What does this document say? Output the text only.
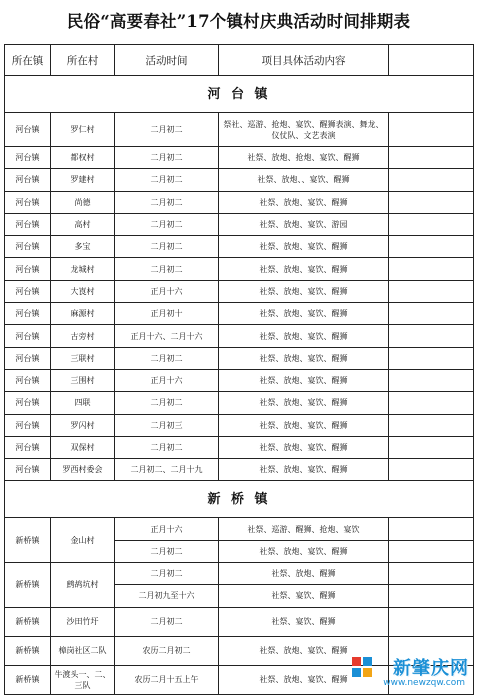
民俗“高要春社”17个镇村庆典活动时间排期表
所在镇	所在村	活动时间	项目具体活动内容	
河 台 镇				
河台镇	罗仁村	二月初二	祭社、巡游、抢炮、宴饮、醒狮表演、舞龙、仪仗队、文艺表演	
河台镇	都权村	二月初二	社祭、放炮、抢炮、宴饮、醒狮	
河台镇	罗建村	二月初二	社祭、放炮、、宴饮、醒狮	
河台镇	尚德	二月初二	社祭、放炮、宴饮、醒狮	
河台镇	高村	二月初二	社祭、放炮、宴饮、游园	
河台镇	多宝	二月初二	社祭、放炮、宴饮、醒狮	
河台镇	龙城村	二月初二	社祭、放炮、宴饮、醒狮	
河台镇	大崀村	正月十六	社祭、放炮、宴饮、醒狮	
河台镇	麻源村	正月初十	社祭、放炮、宴饮、醒狮	
河台镇	古旁村	正月十六、二月十六	社祭、放炮、宴饮、醒狮	
河台镇	三联村	二月初二	社祭、放炮、宴饮、醒狮	
河台镇	三围村	正月十六	社祭、放炮、宴饮、醒狮	
河台镇	四联	二月初二	社祭、放炮、宴饮、醒狮	
河台镇	罗闪村	二月初三	社祭、放炮、宴饮、醒狮	
河台镇	双保村	二月初二	社祭、放炮、宴饮、醒狮	
河台镇	罗西村委会	二月初二、二月十九	社祭、放炮、宴饮、醒狮	
新 桥 镇				
新桥镇	金山村	正月十六	社祭、巡游、醒狮、抢炮、宴饮	
		二月初二	社祭、放炮、宴饮、醒狮	
新桥镇	鹧鸪坑村	二月初二	社祭、放炮、醒狮	
		二月初九至十六	社祭、宴饮、醒狮	
新桥镇	沙田竹圩	二月初二	社祭、宴饮、醒狮	
新桥镇	樟岗社区二队	农历二月初二	社祭、放炮、宴饮、醒狮	
新桥镇	牛渡头一、二、三队	农历二月十五上午	社祭、放炮、宴饮、醒狮	
新肇庆网
www.newzqw.com
